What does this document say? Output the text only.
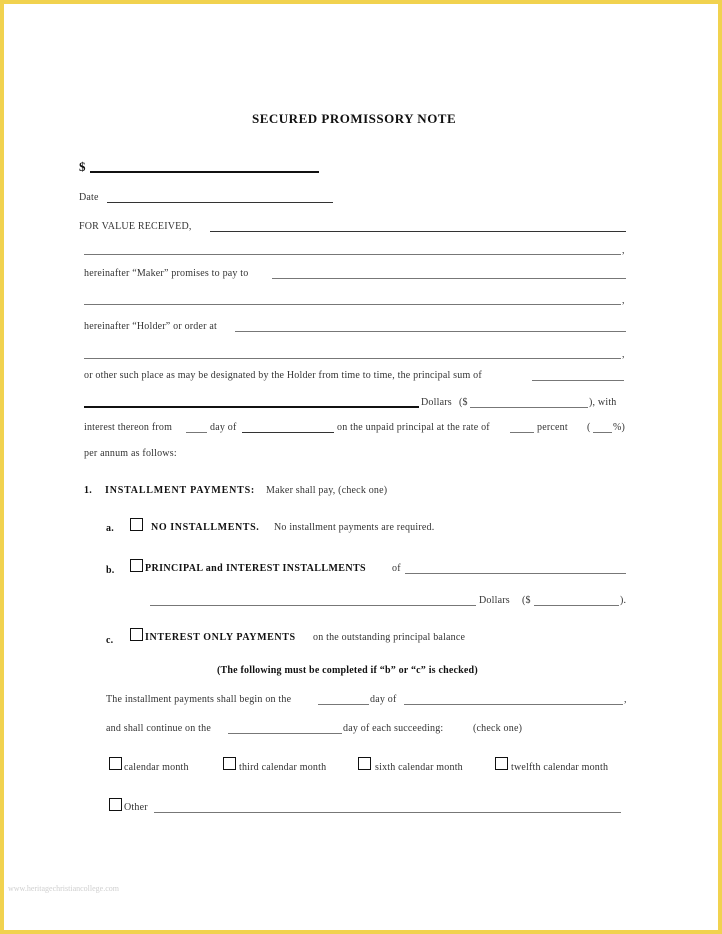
SECURED PROMISSORY NOTE
$
Date
FOR VALUE RECEIVED,
,
hereinafter “Maker” promises to pay to
,
hereinafter “Holder” or order at
,
or other such place as may be designated by the Holder from time to time, the principal sum of
Dollars ($	), with
interest thereon from	day of	on the unpaid principal at the rate of	percent ( %)
per annum as follows:
1. INSTALLMENT PAYMENTS: Maker shall pay, (check one)
a.	NO INSTALLMENTS. No installment payments are required.
b.	PRINCIPAL and INTEREST INSTALLMENTS	of
Dollars ($	).
c.	INTEREST ONLY PAYMENTS on the outstanding principal balance
(The following must be completed if “b” or “c” is checked)
The installment payments shall begin on the	day of	,
and shall continue on the	day of each succeeding:	(check one)
calendar month	third calendar month	sixth calendar month	twelfth calendar month
Other
www.heritagechristiancollege.com
